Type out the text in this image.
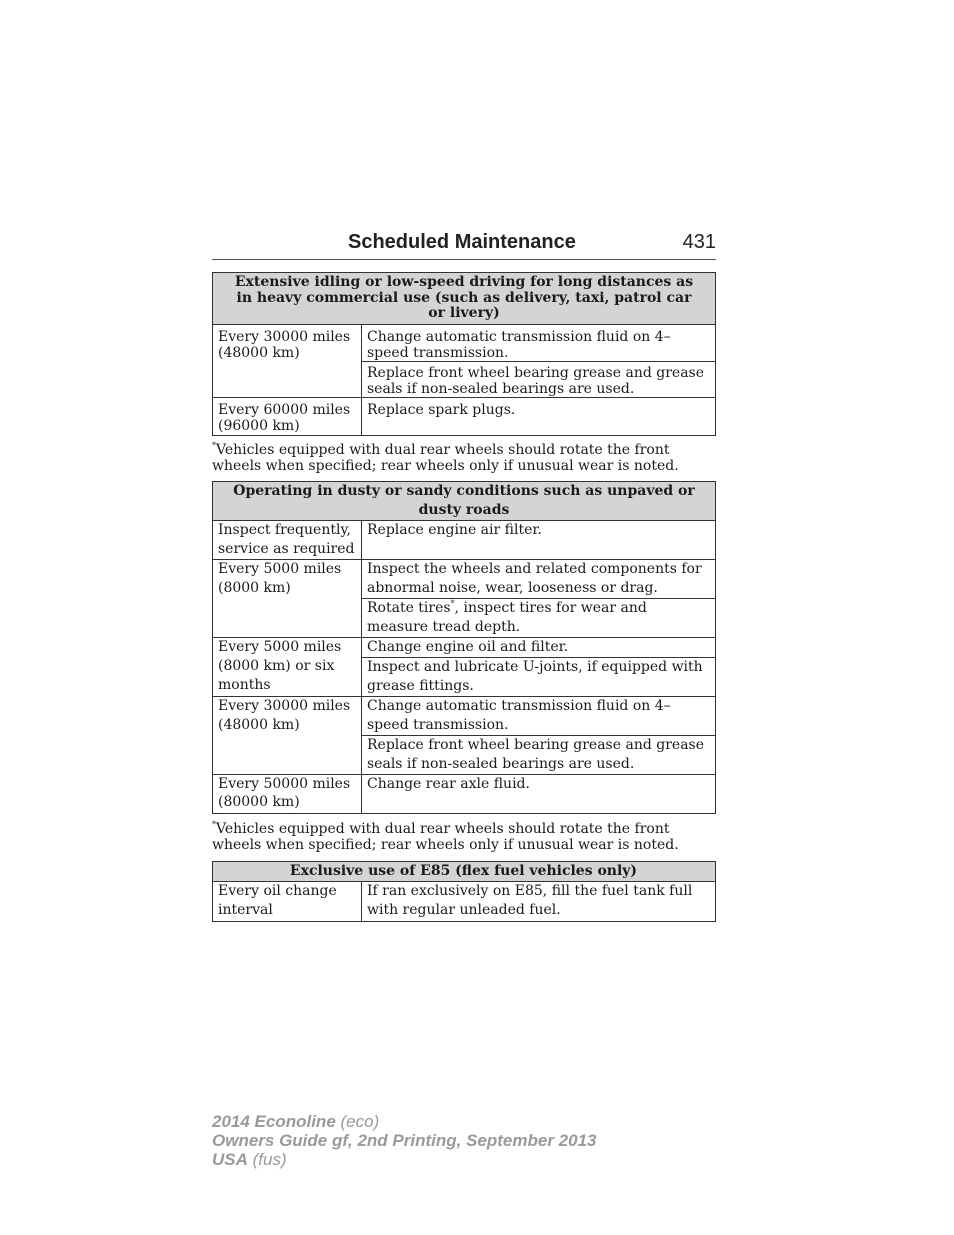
Scheduled Maintenance	431
Extensive idling or low-speed driving for long distances as in heavy commercial use (such as delivery, taxi, patrol car or livery)	
Every 30000 miles (48000 km)	Change automatic transmission fluid on 4–speed transmission.
	Replace front wheel bearing grease and grease seals if non-sealed bearings are used.
Every 60000 miles (96000 km)	Replace spark plugs.
*Vehicles equipped with dual rear wheels should rotate the front wheels when specified; rear wheels only if unusual wear is noted.
Operating in dusty or sandy conditions such as unpaved or
dusty roads	
Inspect frequently, service as required	Replace engine air filter.
Every 5000 miles (8000 km)	Inspect the wheels and related components for abnormal noise, wear, looseness or drag.
	Rotate tires*, inspect tires for wear and measure tread depth.
Every 5000 miles (8000 km) or six months	Change engine oil and filter.
	Inspect and lubricate U-joints, if equipped with grease fittings.
Every 30000 miles (48000 km)	Change automatic transmission fluid on 4–speed transmission.
	Replace front wheel bearing grease and grease seals if non-sealed bearings are used.
Every 50000 miles (80000 km)	Change rear axle fluid.
*Vehicles equipped with dual rear wheels should rotate the front wheels when specified; rear wheels only if unusual wear is noted.
Exclusive use of E85 (flex fuel vehicles only)
Every oil change interval	If ran exclusively on E85, fill the fuel tank full with regular unleaded fuel.
2014 Econoline (eco)
Owners Guide gf, 2nd Printing, September 2013
USA (fus)
